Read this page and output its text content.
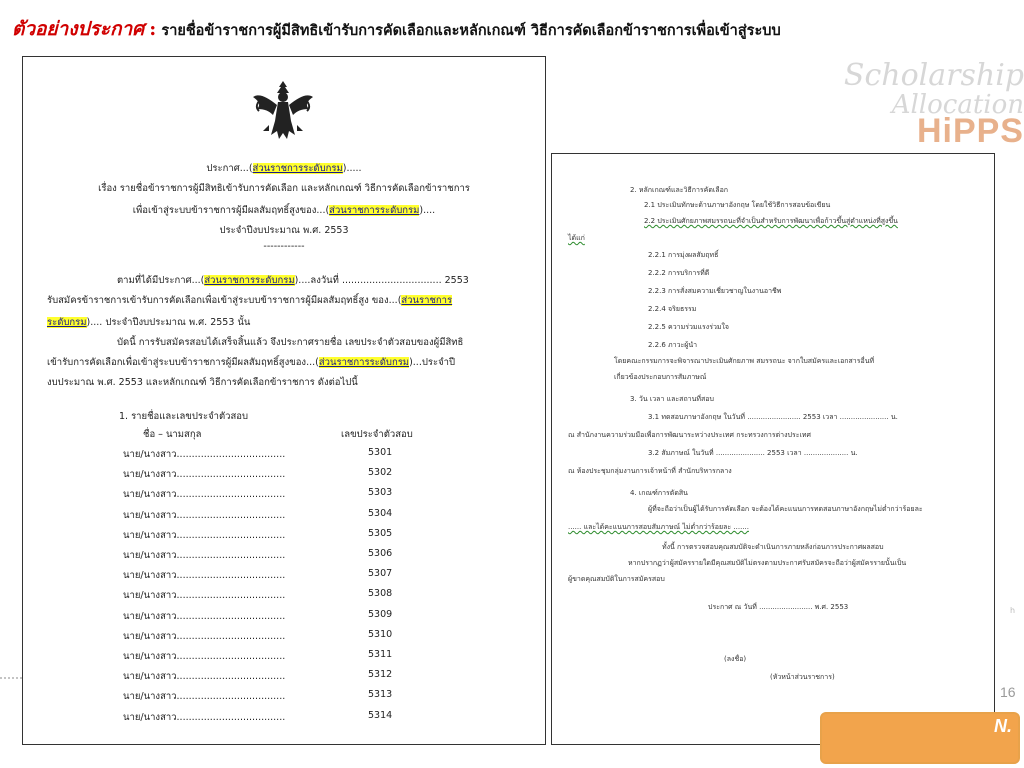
Scholarship
Allocation
HiPPS
ตัวอย่างประกาศ : รายชื่อข้าราชการผู้มีสิทธิเข้ารับการคัดเลือกและหลักเกณฑ์ วิธีการคัดเลือกข้าราชการเพื่อเข้าสู่ระบบ
ประกาศ...(ส่วนราชการระดับกรม).....
เรื่อง รายชื่อข้าราชการผู้มีสิทธิเข้ารับการคัดเลือก และหลักเกณฑ์ วิธีการคัดเลือกข้าราชการ
เพื่อเข้าสู่ระบบข้าราชการผู้มีผลสัมฤทธิ์สูงของ...(ส่วนราชการระดับกรม)....
ประจำปีงบประมาณ พ.ศ. 2553
------------
ตามที่ได้มีประกาศ...(ส่วนราชการระดับกรม)....ลงวันที่ ................................. 2553
รับสมัครข้าราชการเข้ารับการคัดเลือกเพื่อเข้าสู่ระบบข้าราชการผู้มีผลสัมฤทธิ์สูง ของ...(ส่วนราชการ
ระดับกรม).... ประจำปีงบประมาณ พ.ศ. 2553 นั้น
บัดนี้ การรับสมัครสอบได้เสร็จสิ้นแล้ว จึงประกาศรายชื่อ เลขประจำตัวสอบของผู้มีสิทธิ
เข้ารับการคัดเลือกเพื่อเข้าสู่ระบบข้าราชการผู้มีผลสัมฤทธิ์สูงของ...(ส่วนราชการระดับกรม)...ประจำปี
งบประมาณ พ.ศ. 2553 และหลักเกณฑ์ วิธีการคัดเลือกข้าราชการ ดังต่อไปนี้
1. รายชื่อและเลขประจำตัวสอบ
ชื่อ – นามสกุล	เลขประจำตัวสอบ
นาย/นางสาว....................................	5301
นาย/นางสาว....................................	5302
นาย/นางสาว....................................	5303
นาย/นางสาว....................................	5304
นาย/นางสาว....................................	5305
นาย/นางสาว....................................	5306
นาย/นางสาว....................................	5307
นาย/นางสาว....................................	5308
นาย/นางสาว....................................	5309
นาย/นางสาว....................................	5310
นาย/นางสาว....................................	5311
นาย/นางสาว....................................	5312
นาย/นางสาว....................................	5313
นาย/นางสาว....................................	5314
2. หลักเกณฑ์และวิธีการคัดเลือก
2.1 ประเมินทักษะด้านภาษาอังกฤษ โดยใช้วิธีการสอบข้อเขียน
2.2 ประเมินศักยภาพสมรรถนะที่จำเป็นสำหรับการพัฒนาเพื่อก้าวขึ้นสู่ตำแหน่งที่สูงขึ้น
ได้แก่
2.2.1 การมุ่งผลสัมฤทธิ์
2.2.2 การบริการที่ดี
2.2.3 การสั่งสมความเชี่ยวชาญในงานอาชีพ
2.2.4 จริยธรรม
2.2.5 ความร่วมแรงร่วมใจ
2.2.6 ภาวะผู้นำ
โดยคณะกรรมการจะพิจารณาประเมินศักยภาพ สมรรถนะ จากใบสมัครและเอกสารอื่นที่
เกี่ยวข้องประกอบการสัมภาษณ์
3. วัน เวลา และสถานที่สอบ
3.1 ทดสอบภาษาอังกฤษ ในวันที่ ........................ 2553 เวลา ...................... น.
ณ สำนักงานความร่วมมือเพื่อการพัฒนาระหว่างประเทศ กระทรวงการต่างประเทศ
3.2 สัมภาษณ์ ในวันที่ ...................... 2553 เวลา .................... น.
ณ ห้องประชุมกลุ่มงานการเจ้าหน้าที่ สำนักบริหารกลาง
4. เกณฑ์การตัดสิน
ผู้ที่จะถือว่าเป็นผู้ได้รับการคัดเลือก จะต้องได้คะแนนการทดสอบภาษาอังกฤษไม่ต่ำกว่าร้อยละ
...... และได้คะแนนการสอบสัมภาษณ์ ไม่ต่ำกว่าร้อยละ .......
ทั้งนี้ การตรวจสอบคุณสมบัติจะดำเนินการภายหลังก่อนการประกาศผลสอบ
หากปรากฏว่าผู้สมัครรายใดมีคุณสมบัติไม่ตรงตามประกาศรับสมัครจะถือว่าผู้สมัครรายนั้นเป็น
ผู้ขาดคุณสมบัติในการสมัครสอบ
ประกาศ ณ วันที่ ........................ พ.ศ. 2553
(ลงชื่อ)
(หัวหน้าส่วนราชการ)
h
16
N.
